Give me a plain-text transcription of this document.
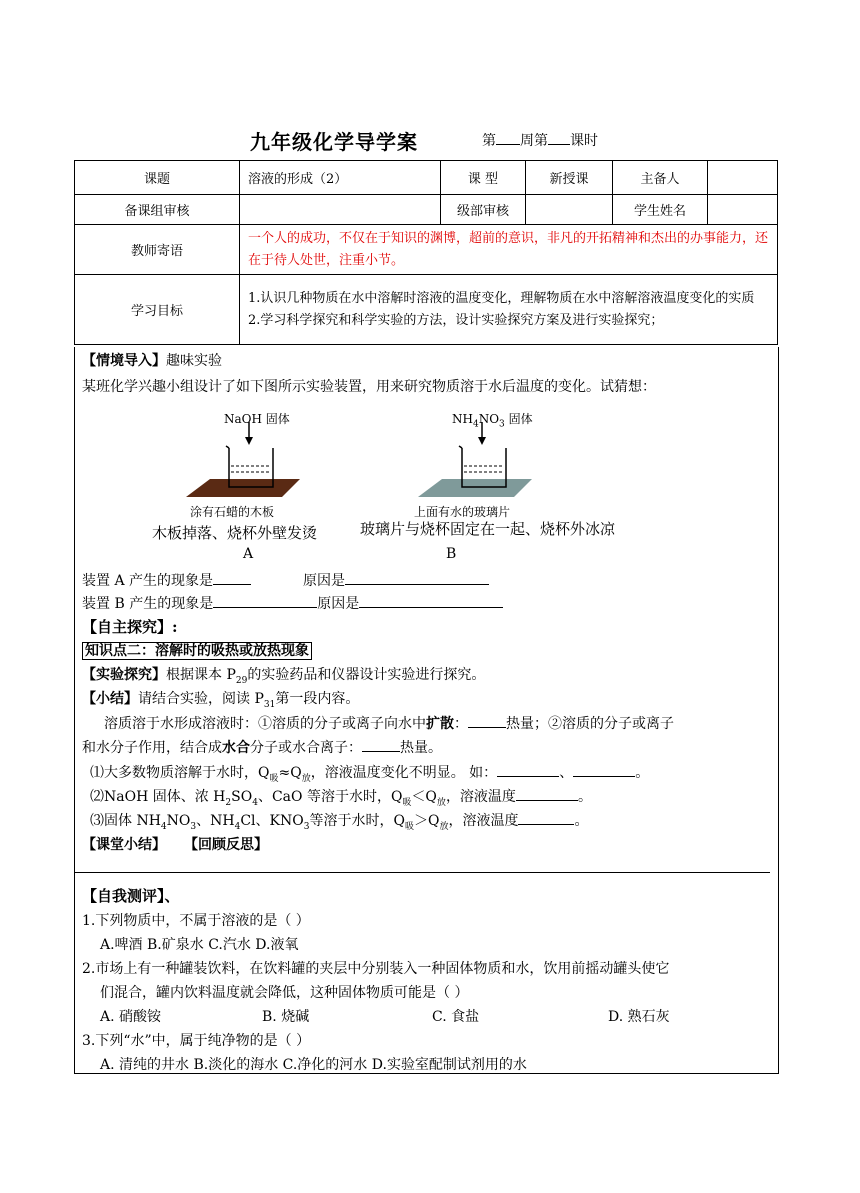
九年级化学导学案	第 周第 课时
课题	溶液的形成（2）	课 型	新授课	主备人	
备课组审核		级部审核		学生姓名	
教师寄语	一个人的成功，不仅在于知识的渊博，超前的意识，非凡的开拓精神和杰出的办事能力，还在于待人处世，注重小节。				
学习目标	1.认识几种物质在水中溶解时溶液的温度变化，理解物质在水中溶解溶液温度变化的实质
2.学习科学探究和科学实验的方法，设计实验探究方案及进行实验探究；				
【情境导入】趣味实验
某班化学兴趣小组设计了如下图所示实验装置，用来研究物质溶于水后温度的变化。试猜想：
NaOH 固体	$NH_4NO_3$ 固体
涂有石蜡的木板	上面有水的玻璃片
木板掉落、烧杯外壁发烫	玻璃片与烧杯固定在一起、烧杯外冰凉
A	B
装置 A 产生的现象是	原因是
装置 B 产生的现象是	原因是
【自主探究】:
知识点二：溶解时的吸热或放热现象
【实验探究】根据课本 $P_{29}$的实验药品和仪器设计实验进行探究。
【小结】请结合实验，阅读 $P_{31}$第一段内容。
溶质溶于水形成溶液时：①溶质的分子或离子向水中扩散：	热量；②溶质的分子或离子
和水分子作用，结合成水合分子或水合离子：	热量。
⑴大多数物质溶解于水时，$Q_吸\approx Q_放$，溶液温度变化不明显。 如：	、	。
⑵NaOH 固体、浓 $H_2SO_4$、CaO 等溶于水时，$Q_吸<Q_放$，溶液温度	。
⑶固体 $NH_4NO_3$、$NH_4Cl$、$KNO_3$等溶于水时，$Q_吸>Q_放$，溶液温度	。
【课堂小结】 【回顾反思】
【自我测评】、
1.下列物质中，不属于溶液的是（ ）
A.啤酒 B.矿泉水 C.汽水 D.液氧
2.市场上有一种罐装饮料，在饮料罐的夹层中分别装入一种固体物质和水，饮用前摇动罐头使它
们混合，罐内饮料温度就会降低，这种固体物质可能是（ ）
A. 硝酸铵	B. 烧碱	C. 食盐	D. 熟石灰
3.下列“水”中，属于纯净物的是（ ）
A. 清纯的井水 B.淡化的海水 C.净化的河水 D.实验室配制试剂用的水
